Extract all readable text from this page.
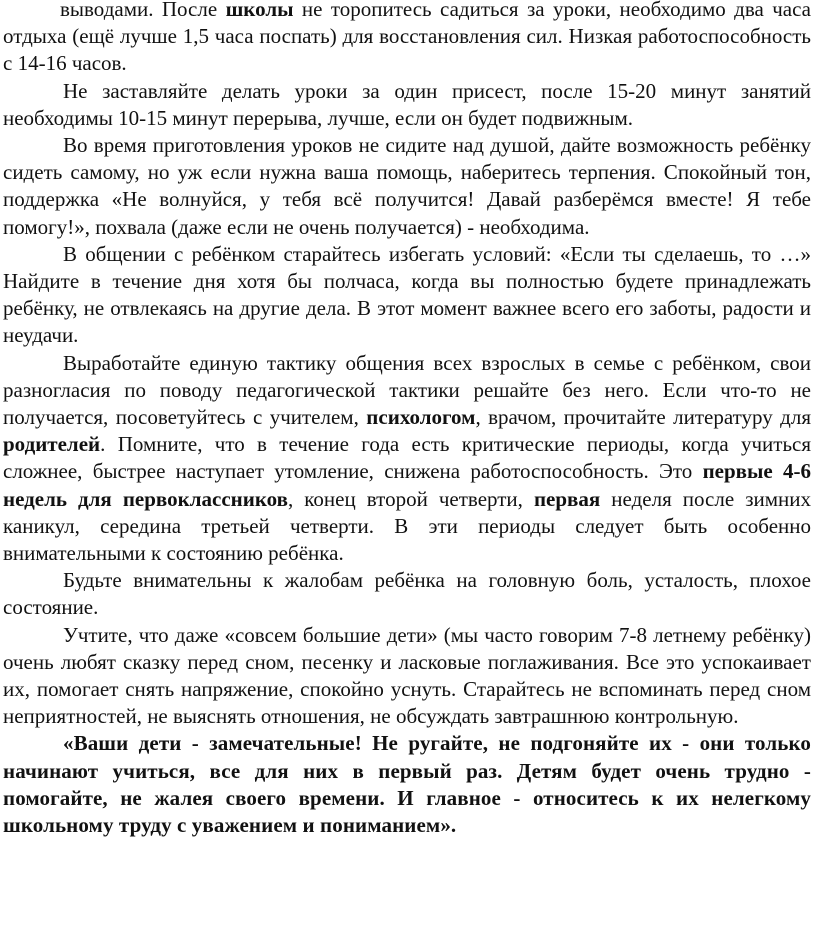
выводами. После школы не торопитесь садиться за уроки, необходимо два часа отдыха (ещё лучше 1,5 часа поспать) для восстановления сил. Низкая работоспособность с 14-16 часов.

Не заставляйте делать уроки за один присест, после 15-20 минут занятий необходимы 10-15 минут перерыва, лучше, если он будет подвижным.

Во время приготовления уроков не сидите над душой, дайте возможность ребёнку сидеть самому, но уж если нужна ваша помощь, наберитесь терпения. Спокойный тон, поддержка «Не волнуйся, у тебя всё получится! Давай разберёмся вместе! Я тебе помогу!», похвала (даже если не очень получается) - необходима.

В общении с ребёнком старайтесь избегать условий: «Если ты сделаешь, то …» Найдите в течение дня хотя бы полчаса, когда вы полностью будете принадлежать ребёнку, не отвлекаясь на другие дела. В этот момент важнее всего его заботы, радости и неудачи.

Выработайте единую тактику общения всех взрослых в семье с ребёнком, свои разногласия по поводу педагогической тактики решайте без него. Если что-то не получается, посоветуйтесь с учителем, психологом, врачом, прочитайте литературу для родителей. Помните, что в течение года есть критические периоды, когда учиться сложнее, быстрее наступает утомление, снижена работоспособность. Это первые 4-6 недель для первоклассников, конец второй четверти, первая неделя после зимних каникул, середина третьей четверти. В эти периоды следует быть особенно внимательными к состоянию ребёнка.

Будьте внимательны к жалобам ребёнка на головную боль, усталость, плохое состояние.

Учтите, что даже «совсем большие дети» (мы часто говорим 7-8 летнему ребёнку) очень любят сказку перед сном, песенку и ласковые поглаживания. Все это успокаивает их, помогает снять напряжение, спокойно уснуть. Старайтесь не вспоминать перед сном неприятностей, не выяснять отношения, не обсуждать завтрашнюю контрольную.

«Ваши дети - замечательные! Не ругайте, не подгоняйте их - они только начинают учиться, все для них в первый раз. Детям будет очень трудно - помогайте, не жалея своего времени. И главное - относитесь к их нелегкому школьному труду с уважением и пониманием».
